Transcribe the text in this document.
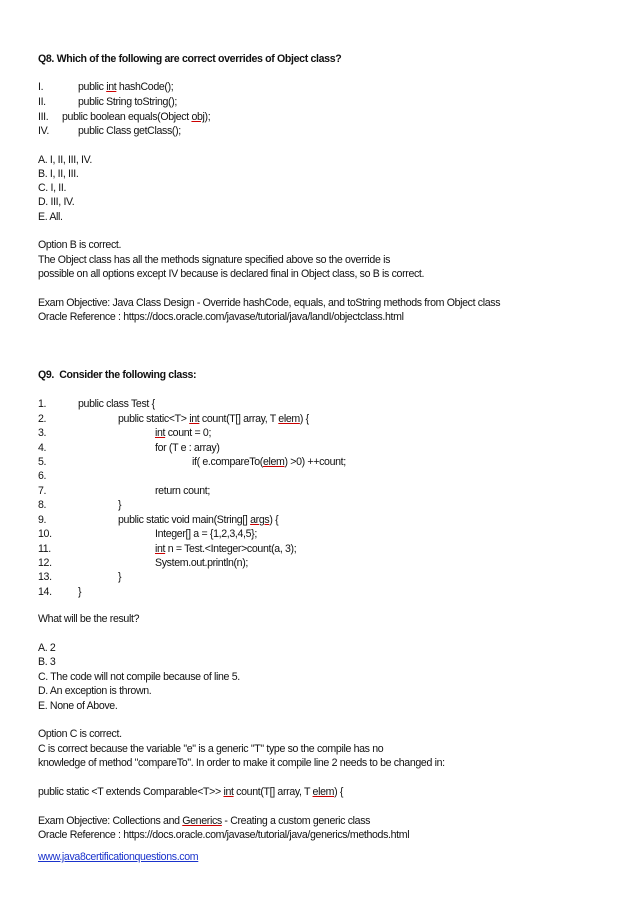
Q8. Which of the following are correct overrides of Object class?
I.	public int hashCode();
II.	public String toString();
III. public boolean equals(Object obj);
IV.	public Class getClass();
A. I, II, III, IV.
B. I, II, III.
C. I, II.
D. III, IV.
E. All.
Option B is correct.
The Object class has all the methods signature specified above so the override is
possible on all options except IV because is declared final in Object class, so B is correct.
Exam Objective: Java Class Design - Override hashCode, equals, and toString methods from Object class
Oracle Reference : https://docs.oracle.com/javase/tutorial/java/landI/objectclass.html
Q9.  Consider the following class:
1.	public class Test {
2.	public static<T> int count(T[] array, T elem) {
3.	int count = 0;
4.	for (T e : array)
5.	if( e.compareTo(elem) >0) ++count;
6.
7.	return count;
8.	}
9.	public static void main(String[] args) {
10.	Integer[] a = {1,2,3,4,5};
11.	int n = Test.<Integer>count(a, 3);
12.	System.out.println(n);
13.	}
14. }
What will be the result?
A. 2
B. 3
C. The code will not compile because of line 5.
D. An exception is thrown.
E. None of Above.
Option C is correct.
C is correct because the variable "e" is a generic "T" type so the compile has no
knowledge of method "compareTo". In order to make it compile line 2 needs to be changed in:
public static <T extends Comparable<T>> int count(T[] array, T elem) {
Exam Objective: Collections and Generics - Creating a custom generic class
Oracle Reference : https://docs.oracle.com/javase/tutorial/java/generics/methods.html
www.java8certificationquestions.com
